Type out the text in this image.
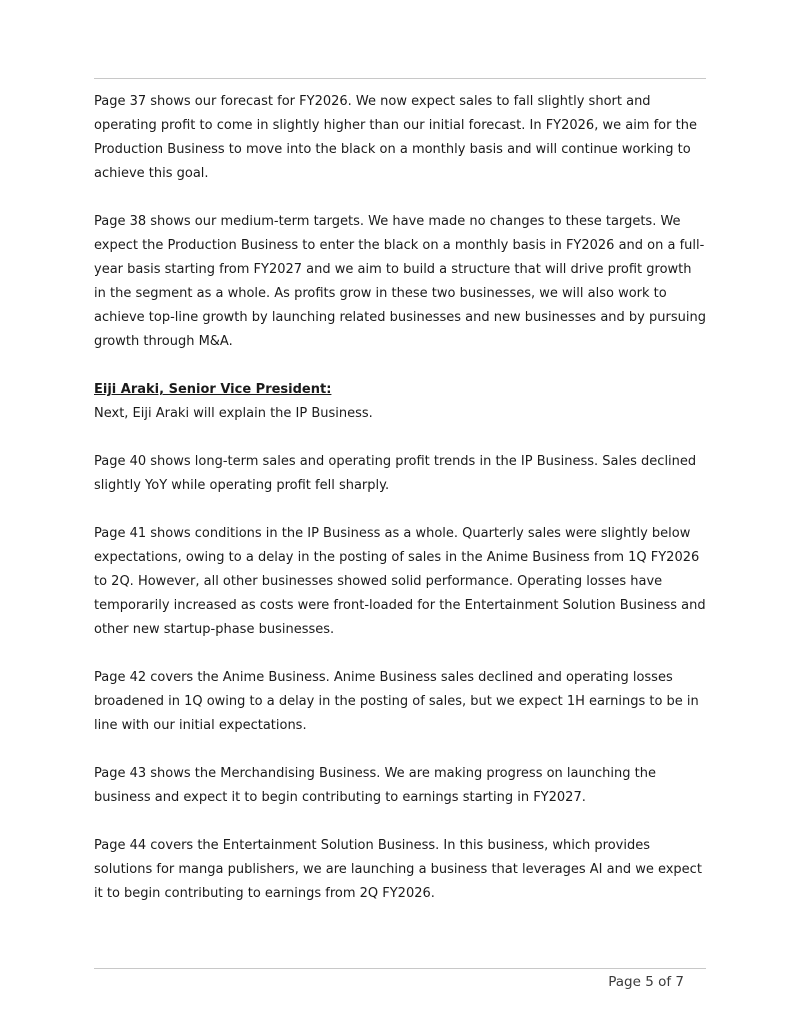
Page 37 shows our forecast for FY2026. We now expect sales to fall slightly short and operating profit to come in slightly higher than our initial forecast. In FY2026, we aim for the Production Business to move into the black on a monthly basis and will continue working to achieve this goal.

Page 38 shows our medium-term targets. We have made no changes to these targets. We expect the Production Business to enter the black on a monthly basis in FY2026 and on a full-year basis starting from FY2027 and we aim to build a structure that will drive profit growth in the segment as a whole. As profits grow in these two businesses, we will also work to achieve top-line growth by launching related businesses and new businesses and by pursuing growth through M&A.

Eiji Araki, Senior Vice President:

Next, Eiji Araki will explain the IP Business.

Page 40 shows long-term sales and operating profit trends in the IP Business. Sales declined slightly YoY while operating profit fell sharply.

Page 41 shows conditions in the IP Business as a whole. Quarterly sales were slightly below expectations, owing to a delay in the posting of sales in the Anime Business from 1Q FY2026 to 2Q. However, all other businesses showed solid performance. Operating losses have temporarily increased as costs were front-loaded for the Entertainment Solution Business and other new startup-phase businesses.

Page 42 covers the Anime Business. Anime Business sales declined and operating losses broadened in 1Q owing to a delay in the posting of sales, but we expect 1H earnings to be in line with our initial expectations.

Page 43 shows the Merchandising Business. We are making progress on launching the business and expect it to begin contributing to earnings starting in FY2027.

Page 44 covers the Entertainment Solution Business. In this business, which provides solutions for manga publishers, we are launching a business that leverages AI and we expect it to begin contributing to earnings from 2Q FY2026.

Page 5 of 7
